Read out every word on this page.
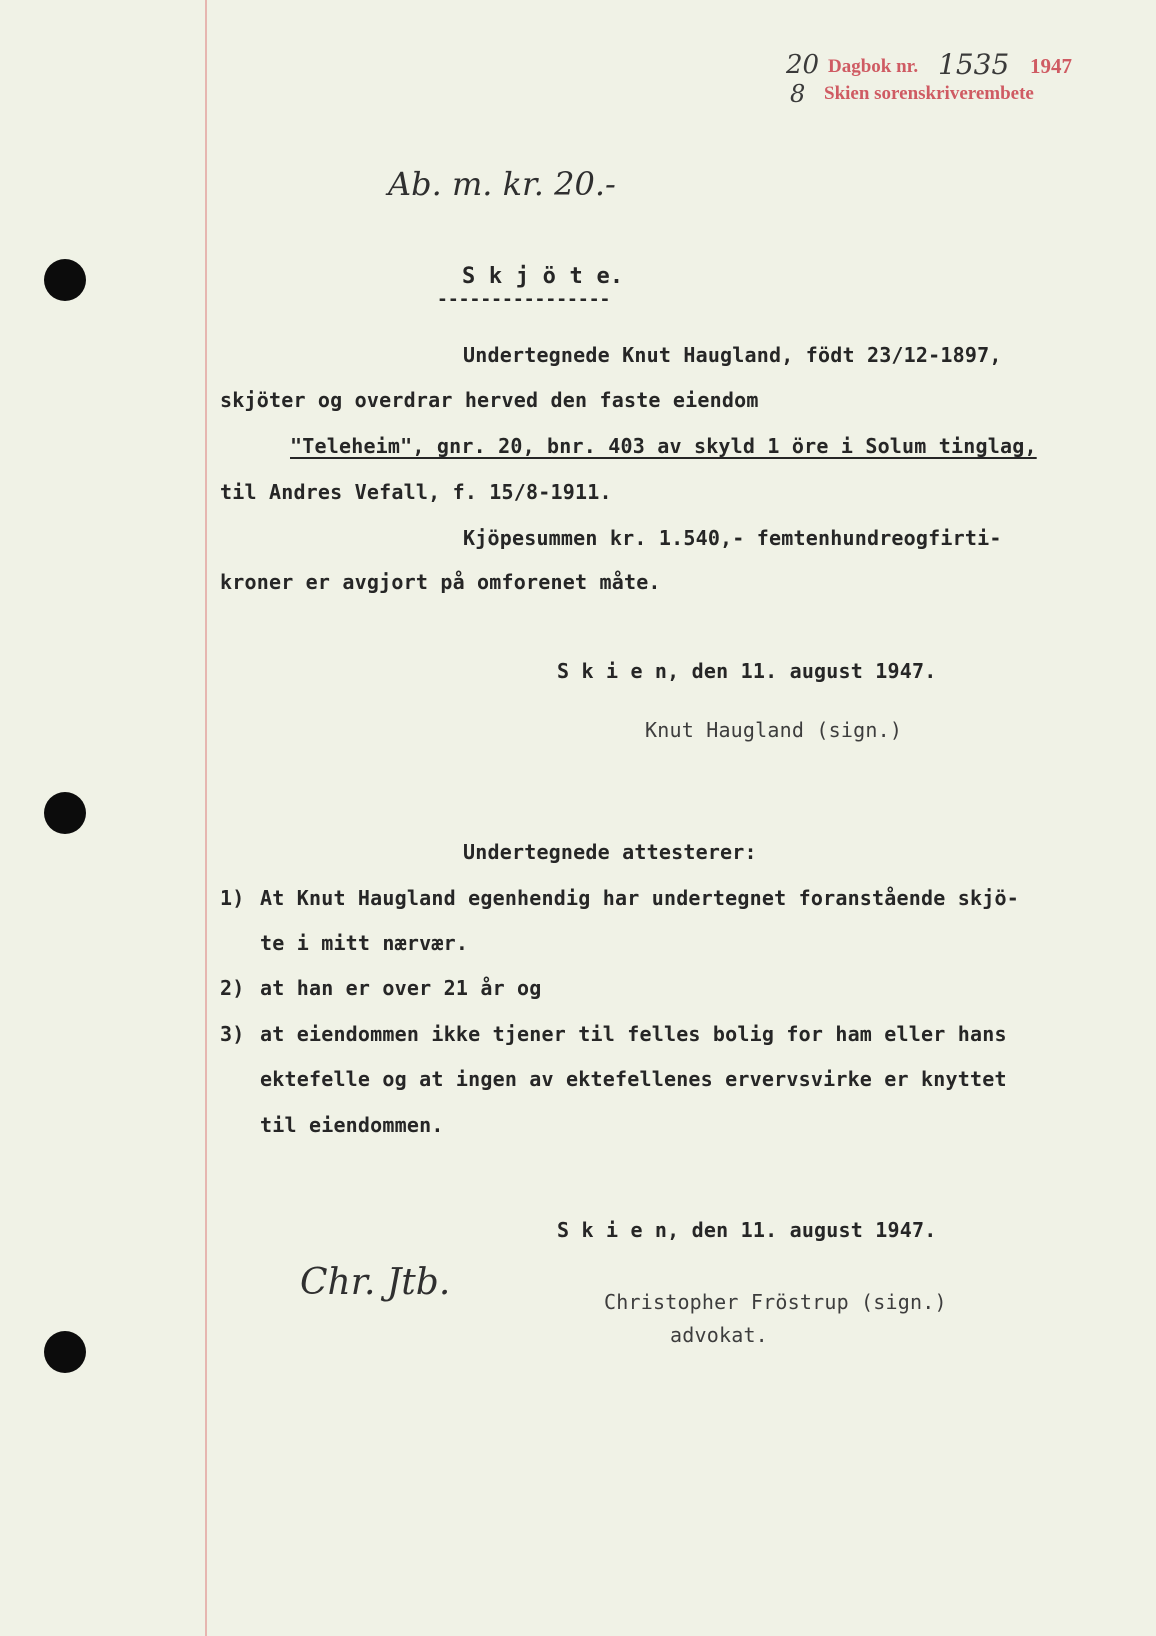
20
8
Dagbok nr. 1535 1947
Skien sorenskriverembete
Ab. m. kr. 20.-
S k j ö t e.
----------------
Undertegnede Knut Haugland, födt 23/12-1897,
skjöter og overdrar herved den faste eiendom
"Teleheim", gnr. 20, bnr. 403 av skyld 1 öre i Solum tinglag,
til Andres Vefall, f. 15/8-1911.
Kjöpesummen kr. 1.540,- femtenhundreogfirti-
kroner er avgjort på omforenet måte.
S k i e n, den 11. august 1947.
Knut Haugland (sign.)
Undertegnede attesterer:
1) At Knut Haugland egenhendig har undertegnet foranstående skjö-
te i mitt nærvær.
2) at han er over 21 år og
3) at eiendommen ikke tjener til felles bolig for ham eller hans
ektefelle og at ingen av ektefellenes ervervsvirke er knyttet
til eiendommen.
S k i e n, den 11. august 1947.
Chr. Jtb.	Christopher Fröstrup (sign.)
advokat.
